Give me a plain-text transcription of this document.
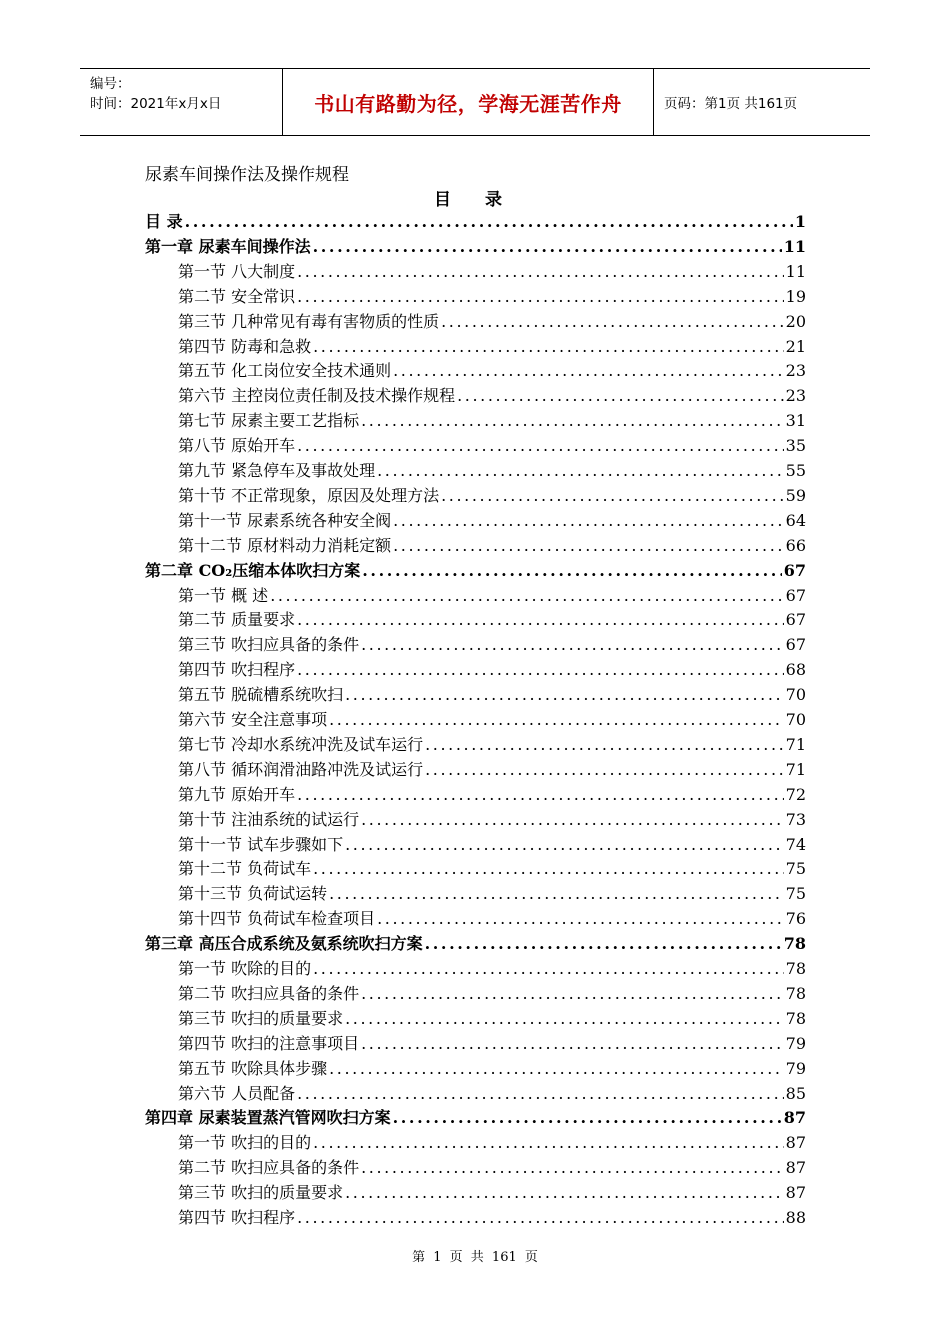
编号：
时间：2021年x月x日	书山有路勤为径，学海无涯苦作舟	页码：第1页 共161页
尿素车间操作法及操作规程
目 录
目 录 .....	1
第一章 尿素车间操作法 .....	11
第一节 八大制度 .....	11
第二节 安全常识 .....	19
第三节 几种常见有毒有害物质的性质 .....	20
第四节 防毒和急救 .....	21
第五节 化工岗位安全技术通则 .....	23
第六节 主控岗位责任制及技术操作规程 .....	23
第七节 尿素主要工艺指标 .....	31
第八节 原始开车 .....	35
第九节 紧急停车及事故处理 .....	55
第十节 不正常现象，原因及处理方法 .....	59
第十一节 尿素系统各种安全阀 .....	64
第十二节 原材料动力消耗定额 .....	66
第二章 CO₂压缩本体吹扫方案 .....	67
第一节 概 述 .....	67
第二节 质量要求 .....	67
第三节 吹扫应具备的条件 .....	67
第四节 吹扫程序 .....	68
第五节 脱硫槽系统吹扫 .....	70
第六节 安全注意事项 .....	70
第七节 冷却水系统冲洗及试车运行 .....	71
第八节 循环润滑油路冲洗及试运行 .....	71
第九节 原始开车 .....	72
第十节 注油系统的试运行 .....	73
第十一节 试车步骤如下 .....	74
第十二节 负荷试车 .....	75
第十三节 负荷试运转 .....	75
第十四节 负荷试车检查项目 .....	76
第三章 高压合成系统及氨系统吹扫方案 .....	78
第一节 吹除的目的 .....	78
第二节 吹扫应具备的条件 .....	78
第三节 吹扫的质量要求 .....	78
第四节 吹扫的注意事项目 .....	79
第五节 吹除具体步骤 .....	79
第六节 人员配备 .....	85
第四章 尿素装置蒸汽管网吹扫方案 .....	87
第一节 吹扫的目的 .....	87
第二节 吹扫应具备的条件 .....	87
第三节 吹扫的质量要求 .....	87
第四节 吹扫程序 .....	88
第 1 页 共 161 页
